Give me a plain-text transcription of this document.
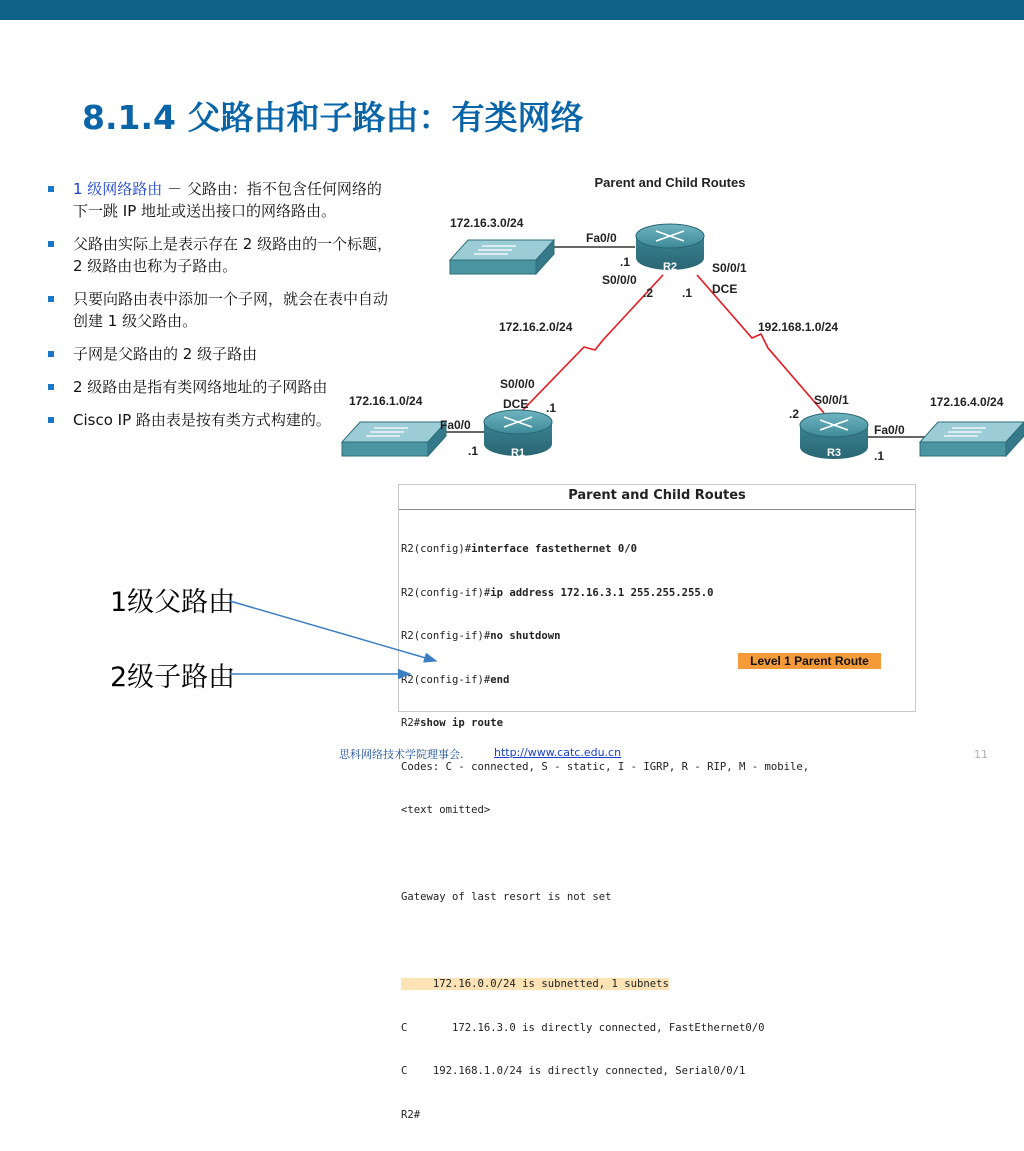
8.1.4 父路由和子路由：有类网络
1 级网络路由 － 父路由：指不包含任何网络的下一跳 IP 地址或送出接口的网络路由。
父路由实际上是表示存在 2 级路由的一个标题，2 级路由也称为子路由。
只要向路由表中添加一个子网，就会在表中自动创建 1 级父路由。
子网是父路由的 2 级子路由
2 级路由是指有类网络地址的子网路由
Cisco IP 路由表是按有类方式构建的。
Parent and Child Routes
R2
R1	R3
172.16.3.0/24
Fa0/0
.1
S0/0/0
.2
S0/0/1
.1 DCE
172.16.2.0/24	192.168.1.0/24
S0/0/0
DCE .1
172.16.1.0/24
Fa0/0
.1
S0/0/1
.2
172.16.4.0/24
Fa0/0
.1
Parent and Child Routes

R2(config)#interface fastethernet 0/0

R2(config-if)#ip address 172.16.3.1 255.255.255.0

R2(config-if)#no shutdown

R2(config-if)#end

R2#show ip route

Codes: C - connected, S - static, I - IGRP, R - RIP, M - mobile,

<text omitted>

Gateway of last resort is not set

172.16.0.0/24 is subnetted, 1 subnets

C       172.16.3.0 is directly connected, FastEthernet0/0

C    192.168.1.0/24 is directly connected, Serial0/0/1

R2#

Level 1 Parent Route
1级父路由
2级子路由
思科网络技术学院理事会.	http://www.catc.edu.cn	11
